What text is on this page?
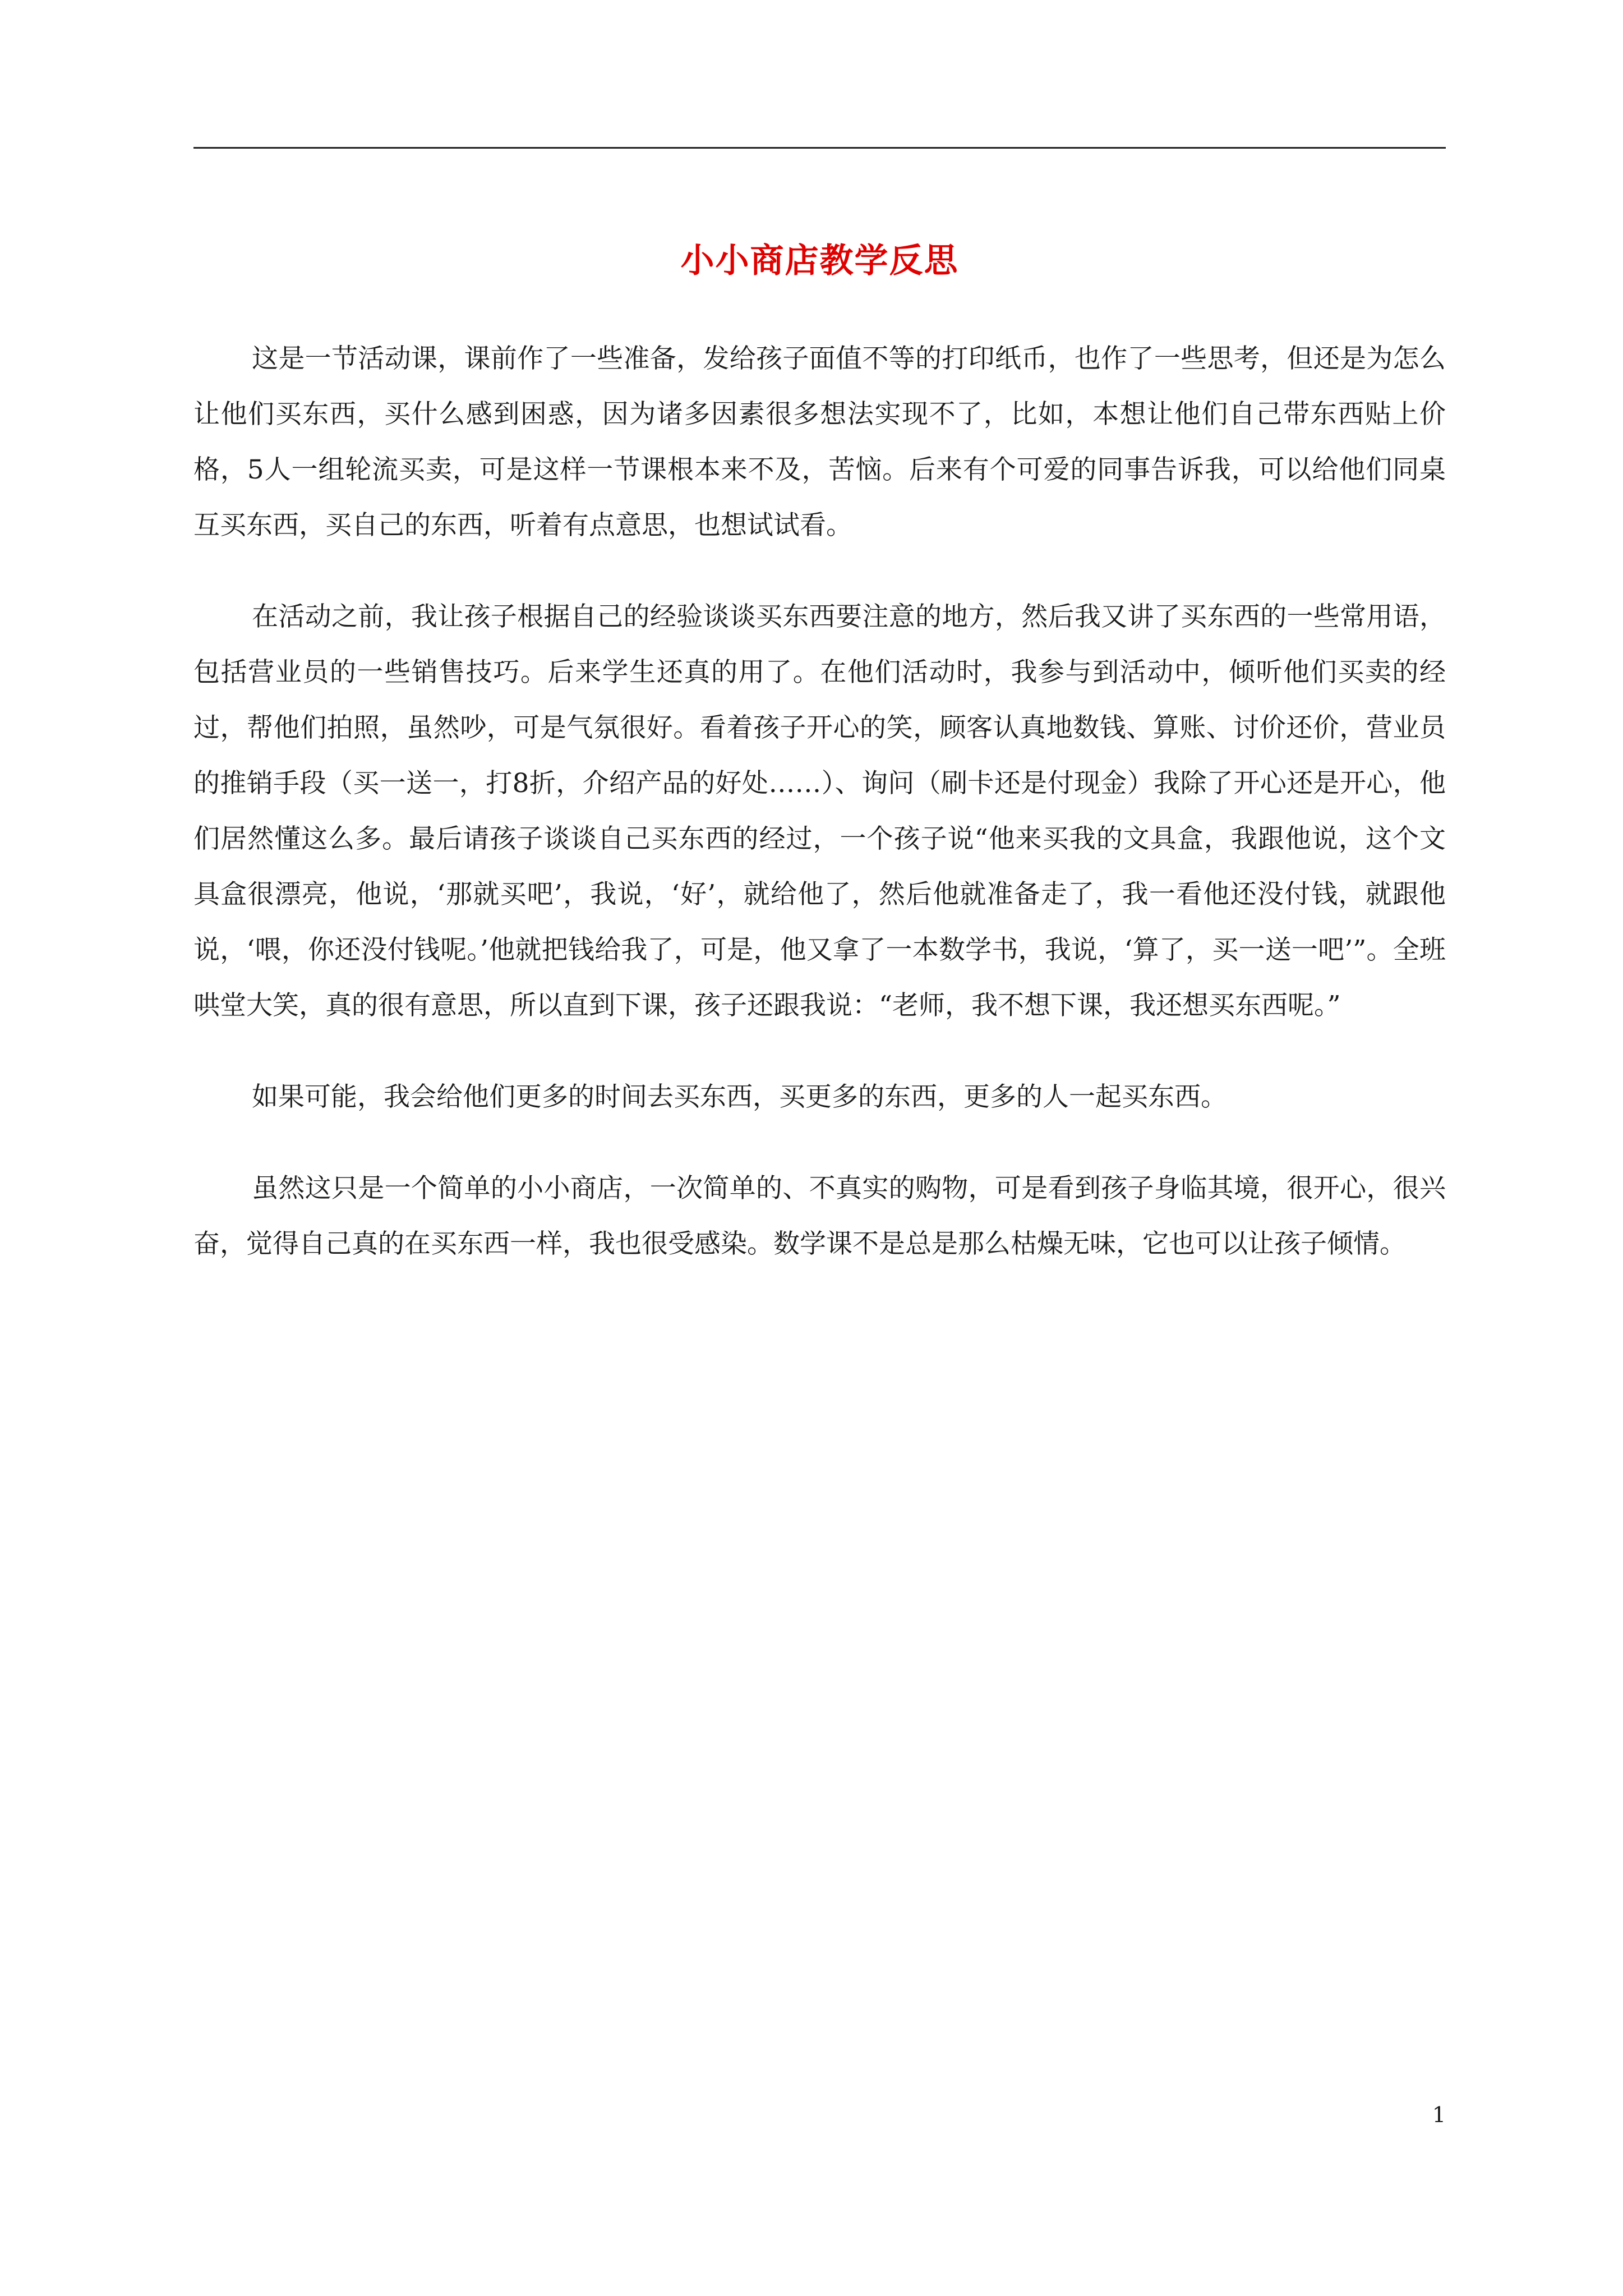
小小商店教学反思

这是一节活动课，课前作了一些准备，发给孩子面值不等的打印纸币，也作了一些思考，但还是为怎么让他们买东西，买什么感到困惑，因为诸多因素很多想法实现不了，比如，本想让他们自己带东西贴上价格，5人一组轮流买卖，可是这样一节课根本来不及，苦恼。后来有个可爱的同事告诉我，可以给他们同桌互买东西，买自己的东西，听着有点意思，也想试试看。

在活动之前，我让孩子根据自己的经验谈谈买东西要注意的地方，然后我又讲了买东西的一些常用语，包括营业员的一些销售技巧。后来学生还真的用了。在他们活动时，我参与到活动中，倾听他们买卖的经过，帮他们拍照，虽然吵，可是气氛很好。看着孩子开心的笑，顾客认真地数钱、算账、讨价还价，营业员的推销手段（买一送一，打8折，介绍产品的好处……）、询问（刷卡还是付现金）我除了开心还是开心，他们居然懂这么多。最后请孩子谈谈自己买东西的经过，一个孩子说“他来买我的文具盒，我跟他说，这个文具盒很漂亮，他说，‘那就买吧’，我说，‘好’，就给他了，然后他就准备走了，我一看他还没付钱，就跟他说，‘喂，你还没付钱呢。’他就把钱给我了，可是，他又拿了一本数学书，我说，‘算了，买一送一吧’”。全班哄堂大笑，真的很有意思，所以直到下课，孩子还跟我说：“老师，我不想下课，我还想买东西呢。”

如果可能，我会给他们更多的时间去买东西，买更多的东西，更多的人一起买东西。

虽然这只是一个简单的小小商店，一次简单的、不真实的购物，可是看到孩子身临其境，很开心，很兴奋，觉得自己真的在买东西一样，我也很受感染。数学课不是总是那么枯燥无味，它也可以让孩子倾情。

1
